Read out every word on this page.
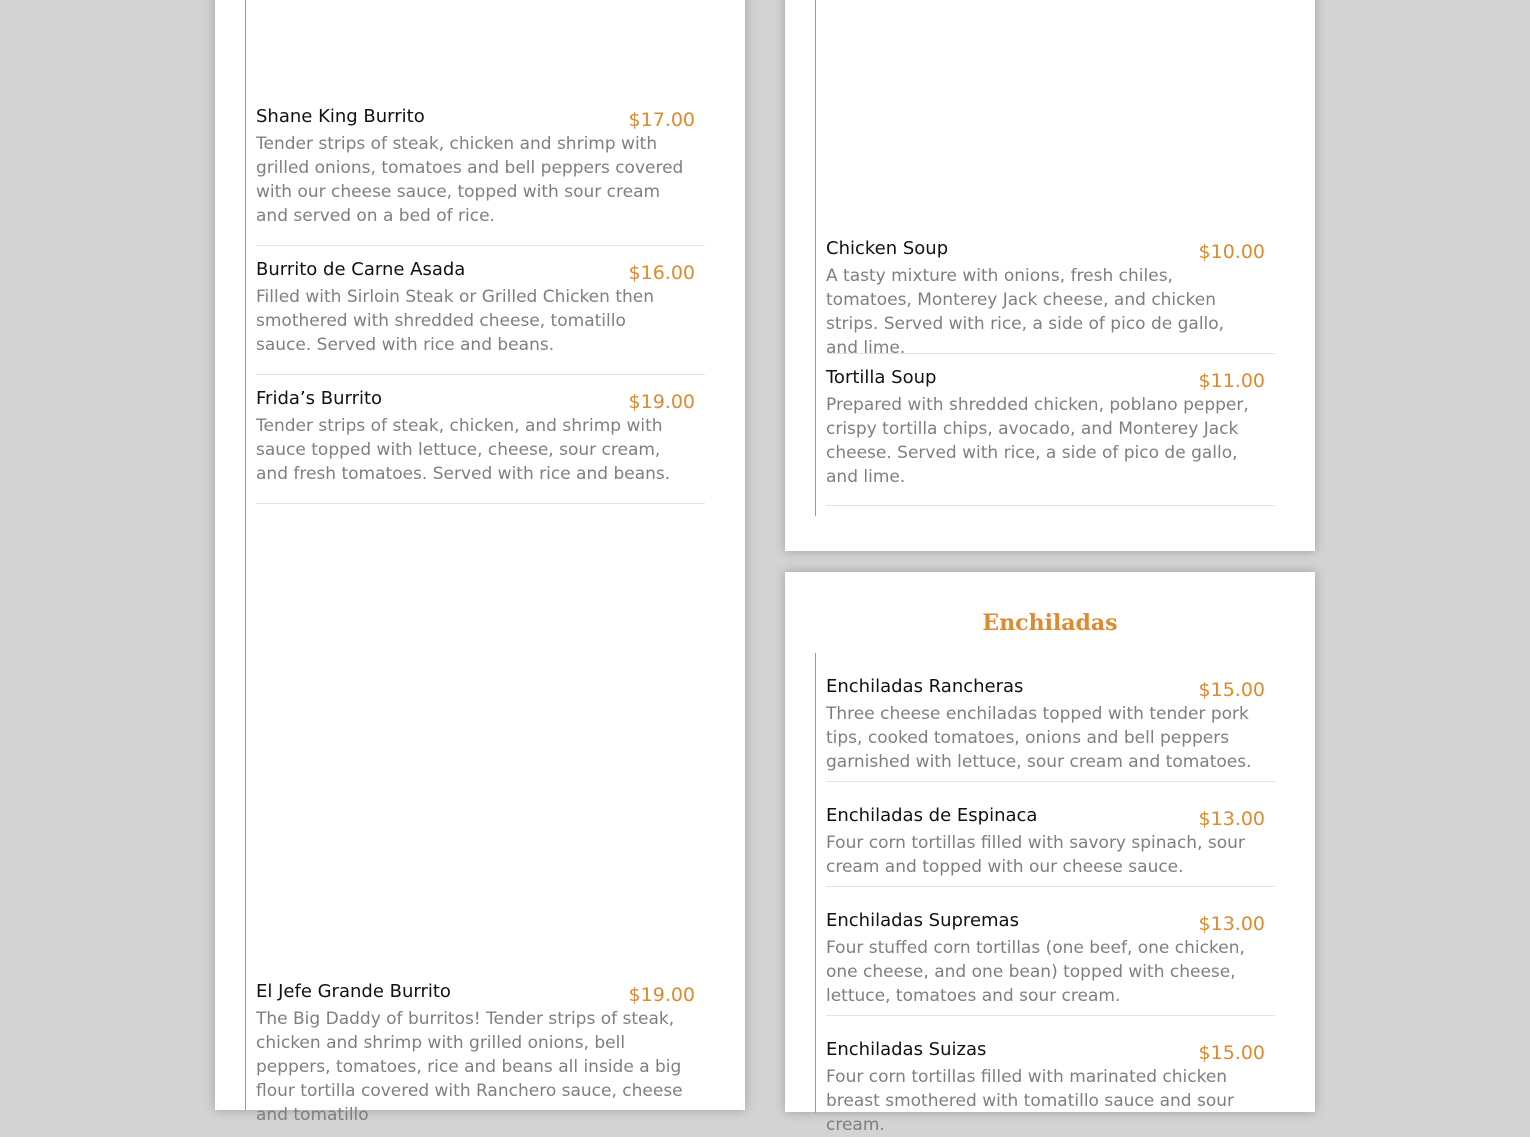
Shane King Burrito	$17.00
Tender strips of steak, chicken and shrimp with grilled onions, tomatoes and bell peppers covered with our cheese sauce, topped with sour cream and served on a bed of rice.
Burrito de Carne Asada	$16.00
Filled with Sirloin Steak or Grilled Chicken then smothered with shredded cheese, tomatillo sauce. Served with rice and beans.
Frida’s Burrito	$19.00
Tender strips of steak, chicken, and shrimp with sauce topped with lettuce, cheese, sour cream, and fresh tomatoes. Served with rice and beans.
El Jefe Grande Burrito	$19.00
The Big Daddy of burritos! Tender strips of steak, chicken and shrimp with grilled onions, bell peppers, tomatoes, rice and beans all inside a big flour tortilla covered with Ranchero sauce, cheese and tomatillo
Chicken Soup	$10.00
A tasty mixture with onions, fresh chiles, tomatoes, Monterey Jack cheese, and chicken strips. Served with rice, a side of pico de gallo, and lime.
Tortilla Soup	$11.00
Prepared with shredded chicken, poblano pepper, crispy tortilla chips, avocado, and Monterey Jack cheese. Served with rice, a side of pico de gallo, and lime.
Enchiladas
Enchiladas Rancheras	$15.00
Three cheese enchiladas topped with tender pork tips, cooked tomatoes, onions and bell peppers garnished with lettuce, sour cream and tomatoes.
Enchiladas de Espinaca	$13.00
Four corn tortillas filled with savory spinach, sour cream and topped with our cheese sauce.
Enchiladas Supremas	$13.00
Four stuffed corn tortillas (one beef, one chicken, one cheese, and one bean) topped with cheese, lettuce, tomatoes and sour cream.
Enchiladas Suizas	$15.00
Four corn tortillas filled with marinated chicken breast smothered with tomatillo sauce and sour cream.
